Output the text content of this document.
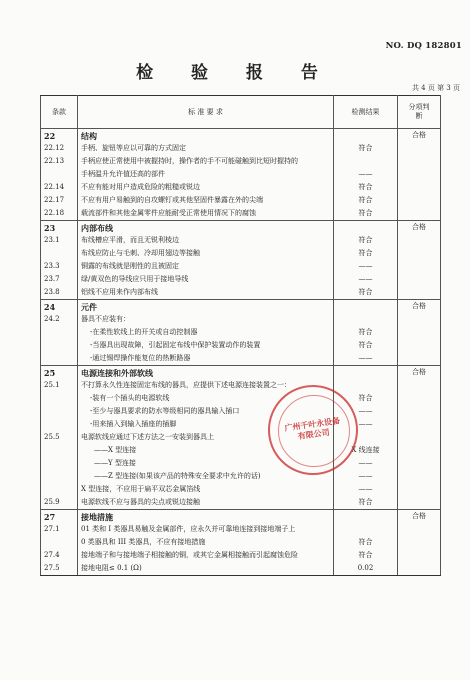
NO. DQ 182801
检 验 报 告
共 4 页 第 3 页
条款	标 准 要 求	检测结果	分项判断
22	结构		合格
22.12	手柄、旋钮等应以可靠的方式固定	符合	
22.13	手柄应使正常使用中被握持时，操作者的手不可能碰触到比短时握持的		
	手柄温升允许值还高的部件	——	
22.14	不应有能对用户造成危险的粗糙或锐边	符合	
22.17	不应有用户易触到的自攻螺钉或其他坚固件暴露在外的尖端	符合	
22.18	载流部件和其他金属零件应能耐受正常使用情况下的腐蚀	符合	
23	内部布线		合格
23.1	布线槽应平滑，而且无锐利棱边	符合	
	布线应防止与毛刺、冷却用翅边等接触	符合	
23.3	铜露的布线就是刚性的且被固定	——	
23.7	绿/黄双色的导线应只用于接地导线	——	
23.8	铝线不应用来作内部布线	符合	
24	元件		合格
24.2	器具不应装有：		
	-在柔性软线上的开关或自动控制器	符合	
	-当器具出现故障，引起固定布线中保护装置动作的装置	符合	
	-通过锡焊操作能复位的热断路器	——	
25	电源连接和外部软线		合格
25.1	不打算永久性连接固定布线的器具，应提供下述电源连接装置之一：		
	-装有一个插头的电源软线	符合	
	-至少与器具要求的防水等级相同的器具输入插口	——	
	-用来插入到输入插座的插脚	——	
25.5	电源软线应通过下述方法之一安装到器具上		
	——X 型连接	X 线连接	
	——Y 型连接	——	
	——Z 型连接(如果该产品的特殊安全要求中允许的话)	——	
	X 型连接，不应用于扁平双芯金属箔线	——	
25.9	电源软线不应与器具的尖点或锐边接触	符合	
27	接地措施		合格
27.1	01 类和 I 类器具易触及金属部件，应永久并可靠地连接到接地端子上		
	0 类器具和 III 类器具，不应有接地措施	符合	
27.4	接地端子和与接地端子相接触的铜，或其它金属相接触而引起腐蚀危险	符合	
27.5	接地电阻≤ 0.1 (Ω)	0.02	
广州千叶永设备有限公司
